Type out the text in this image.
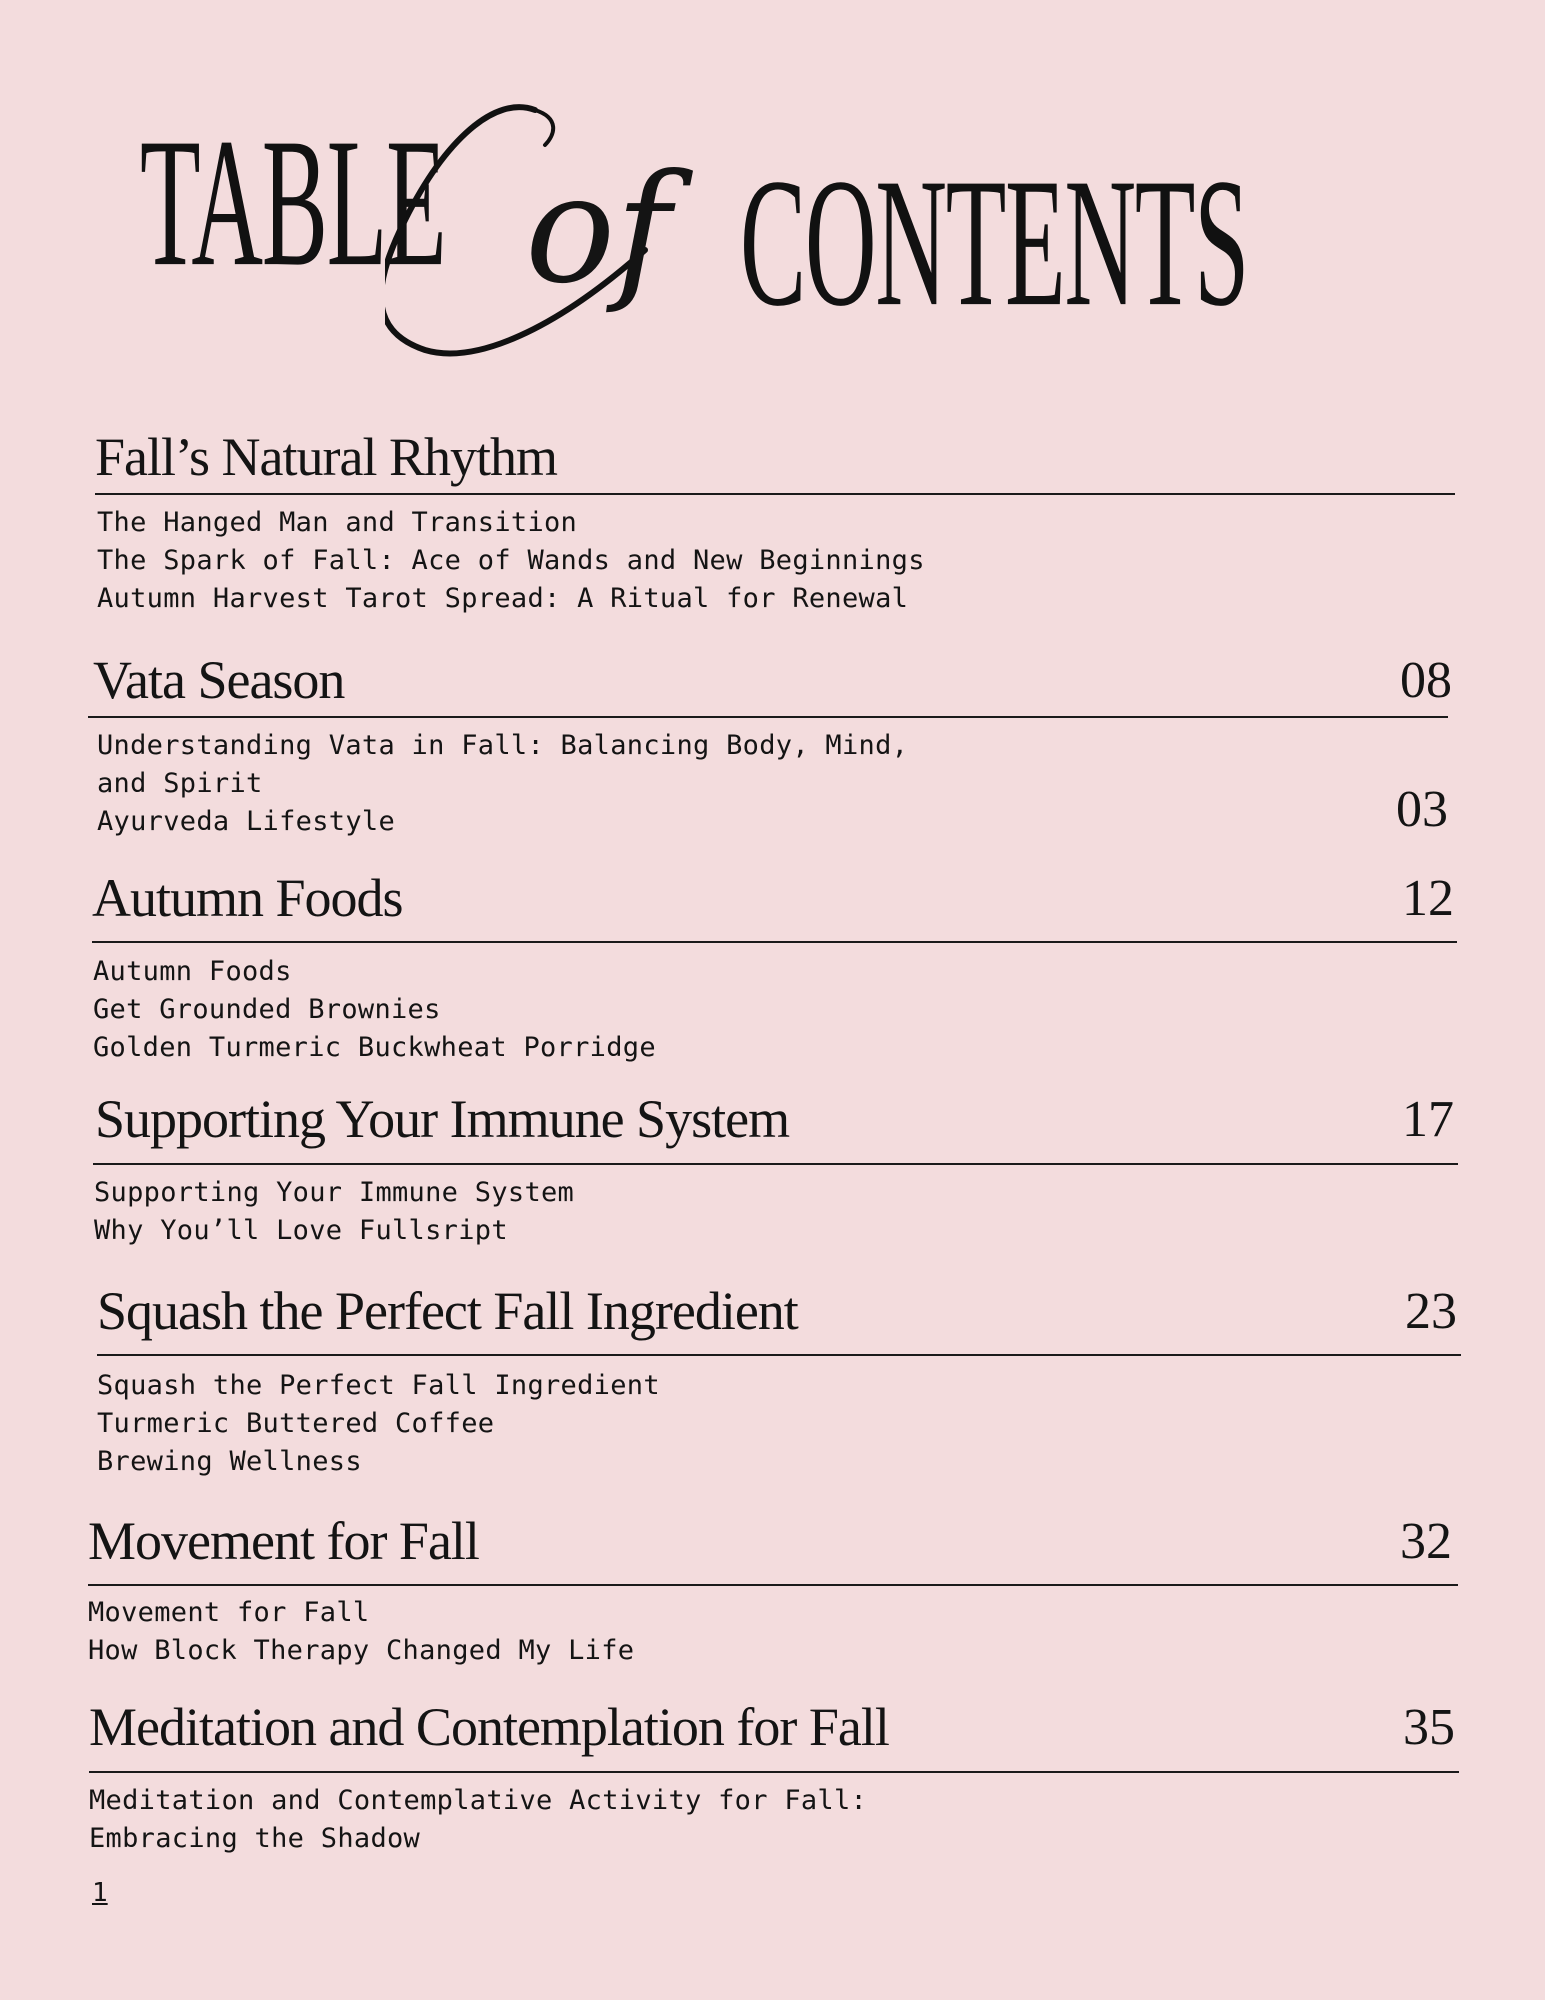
TABLE of CONTENTS
Fall’s Natural Rhythm
The Hanged Man and Transition
The Spark of Fall: Ace of Wands and New Beginnings
Autumn Harvest Tarot Spread: A Ritual for Renewal
Vata Season	08
Understanding Vata in Fall: Balancing Body, Mind,
and Spirit
Ayurveda Lifestyle	03
Autumn Foods	12
Autumn Foods
Get Grounded Brownies
Golden Turmeric Buckwheat Porridge
Supporting Your Immune System	17
Supporting Your Immune System
Why You’ll Love Fullsript
Squash the Perfect Fall Ingredient	23
Squash the Perfect Fall Ingredient
Turmeric Buttered Coffee
Brewing Wellness
Movement for Fall	32
Movement for Fall
How Block Therapy Changed My Life
Meditation and Contemplation for Fall	35
Meditation and Contemplative Activity for Fall:
Embracing the Shadow
1
